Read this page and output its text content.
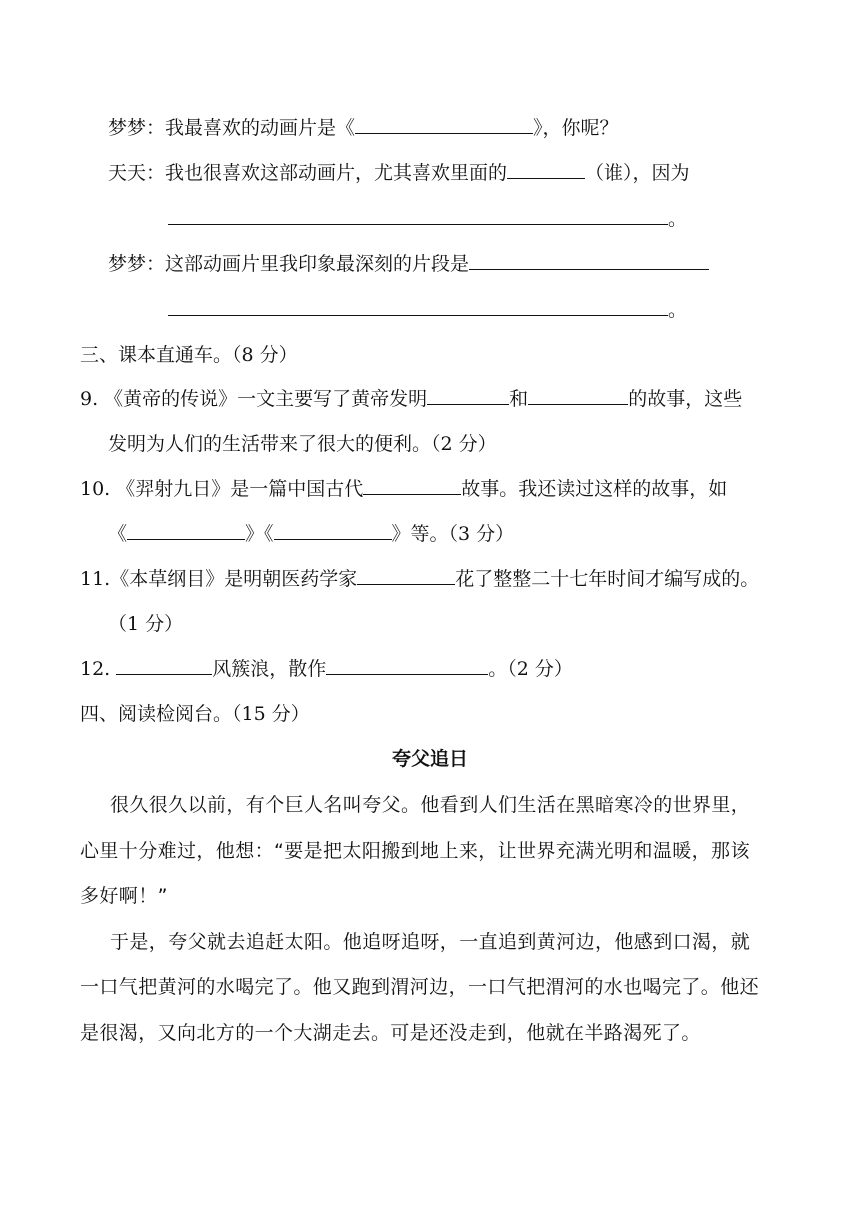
梦梦：我最喜欢的动画片是《	》，你呢？
天天：我也很喜欢这部动画片，尤其喜欢里面的	（谁），因为
。
梦梦：这部动画片里我印象最深刻的片段是
。
三、课本直通车。（8 分）
9. 《黄帝的传说》一文主要写了黄帝发明	和	的故事，这些
发明为人们的生活带来了很大的便利。（2 分）
10. 《羿射九日》是一篇中国古代	故事。我还读过这样的故事，如
《	》《	》等。（3 分）
11.《本草纲目》是明朝医药学家	花了整整二十七年时间才编写成的。
（1 分）
12.	风簇浪，散作	。（2 分）
四、阅读检阅台。（15 分）
夸父追日
很久很久以前，有个巨人名叫夸父。他看到人们生活在黑暗寒冷的世界里，
心里十分难过，他想：“要是把太阳搬到地上来，让世界充满光明和温暖，那该
多好啊！”
于是，夸父就去追赶太阳。他追呀追呀，一直追到黄河边，他感到口渴，就
一口气把黄河的水喝完了。他又跑到渭河边，一口气把渭河的水也喝完了。他还
是很渴，又向北方的一个大湖走去。可是还没走到，他就在半路渴死了。
